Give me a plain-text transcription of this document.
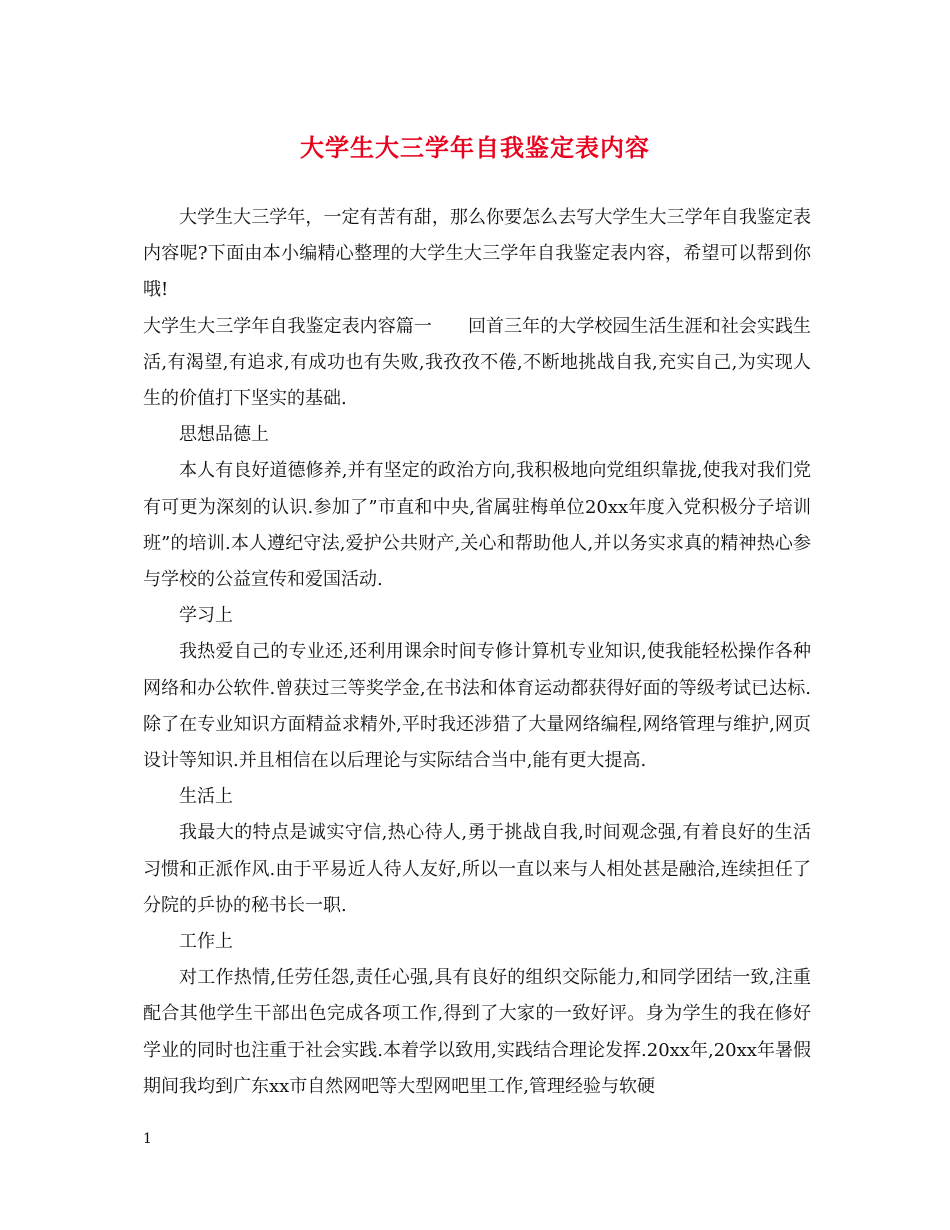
大学生大三学年自我鉴定表内容

大学生大三学年，一定有苦有甜，那么你要怎么去写大学生大三学年自我鉴定表内容呢?下面由本小编精心整理的大学生大三学年自我鉴定表内容，希望可以帮到你哦!

大学生大三学年自我鉴定表内容篇一 回首三年的大学校园生活生涯和社会实践生活,有渴望,有追求,有成功也有失败,我孜孜不倦,不断地挑战自我,充实自己,为实现人生的价值打下坚实的基础.

思想品德上

本人有良好道德修养,并有坚定的政治方向,我积极地向党组织靠拢,使我对我们党有可更为深刻的认识.参加了”市直和中央,省属驻梅单位20xx年度入党积极分子培训班”的培训.本人遵纪守法,爱护公共财产,关心和帮助他人,并以务实求真的精神热心参与学校的公益宣传和爱国活动.

学习上

我热爱自己的专业还,还利用课余时间专修计算机专业知识,使我能轻松操作各种网络和办公软件.曾获过三等奖学金,在书法和体育运动都获得好面的等级考试已达标.除了在专业知识方面精益求精外,平时我还涉猎了大量网络编程,网络管理与维护,网页设计等知识.并且相信在以后理论与实际结合当中,能有更大提高.

生活上

我最大的特点是诚实守信,热心待人,勇于挑战自我,时间观念强,有着良好的生活习惯和正派作风.由于平易近人待人友好,所以一直以来与人相处甚是融洽,连续担任了分院的乒协的秘书长一职.

工作上

对工作热情,任劳任怨,责任心强,具有良好的组织交际能力,和同学团结一致,注重配合其他学生干部出色完成各项工作,得到了大家的一致好评。身为学生的我在修好学业的同时也注重于社会实践.本着学以致用,实践结合理论发挥.20xx年,20xx年暑假期间我均到广东xx市自然网吧等大型网吧里工作,管理经验与软硬

1
